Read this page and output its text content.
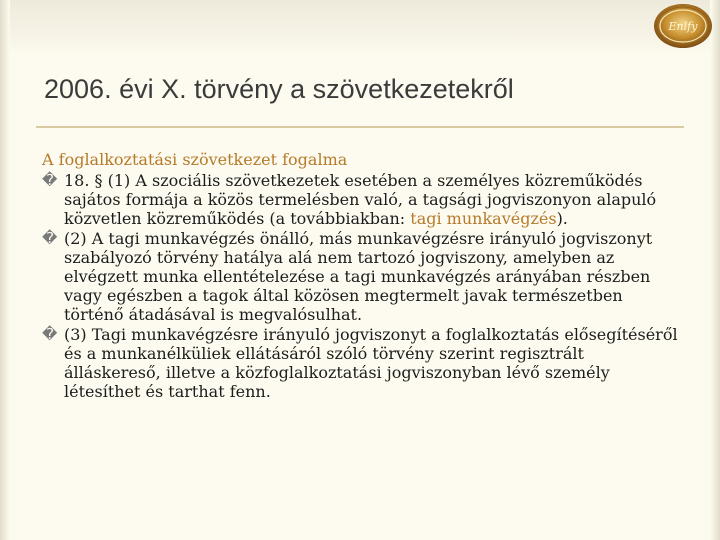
Enlfy
2006. évi X. törvény a szövetkezetekről
A foglalkoztatási szövetkezet fogalma
� 18. § (1) A szociális szövetkezetek esetében a személyes közreműködés sajátos formája a közös termelésben való, a tagsági jogviszonyon alapuló közvetlen közreműködés (a továbbiakban: tagi munkavégzés).
� (2) A tagi munkavégzés önálló, más munkavégzésre irányuló jogviszonyt szabályozó törvény hatálya alá nem tartozó jogviszony, amelyben az elvégzett munka ellentételezése a tagi munkavégzés arányában részben vagy egészben a tagok által közösen megtermelt javak természetben történő átadásával is megvalósulhat.
� (3) Tagi munkavégzésre irányuló jogviszonyt a foglalkoztatás elősegítéséről és a munkanélküliek ellátásáról szóló törvény szerint regisztrált álláskereső, illetve a közfoglalkoztatási jogviszonyban lévő személy létesíthet és tarthat fenn.
